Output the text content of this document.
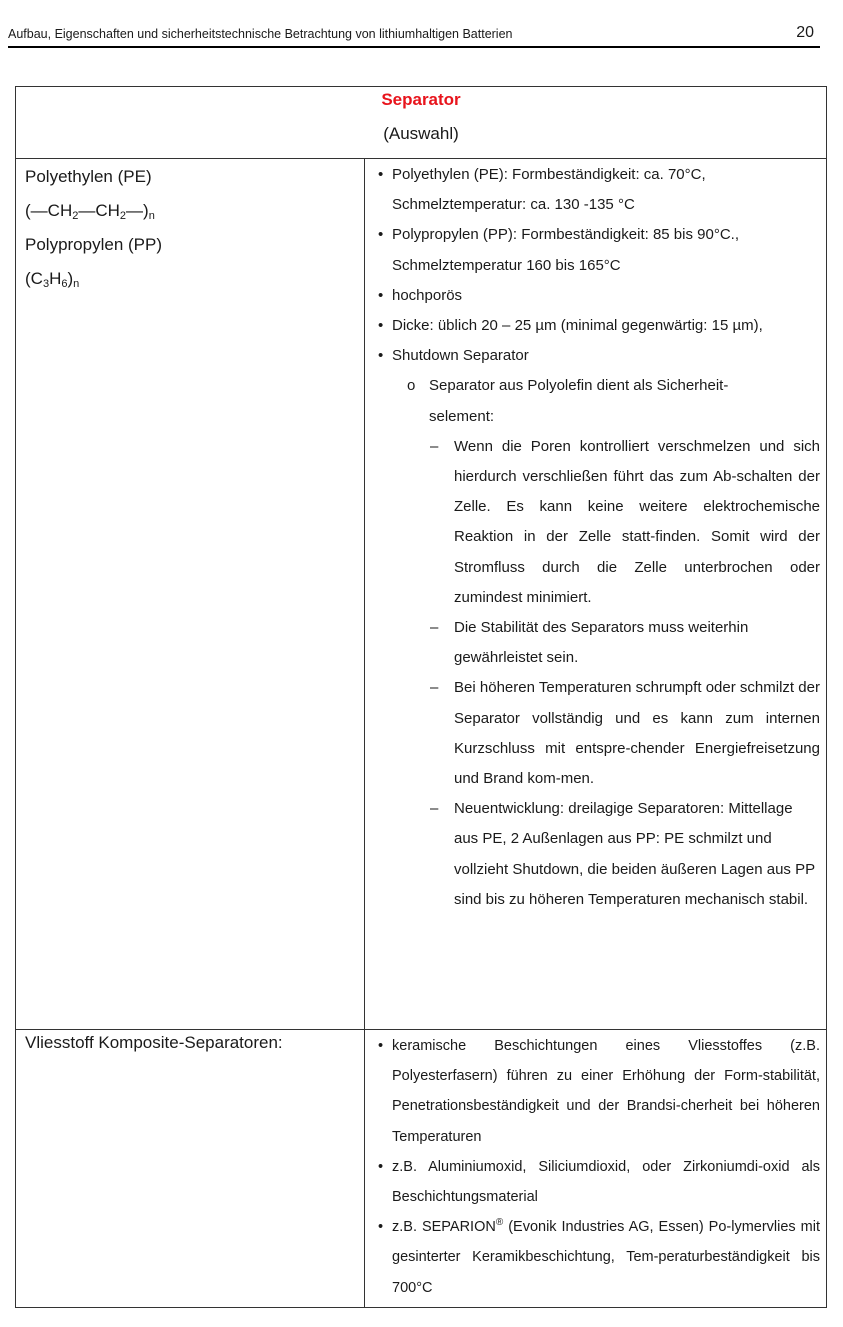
Aufbau, Eigenschaften und sicherheitstechnische Betrachtung von lithiumhaltigen Batterien	20
Separator
(Auswahl)
Polyethylen (PE)
$(—CH_2—CH_2—)_n$
Polypropylen (PP)
$(C_3H_6)_n$
• Polyethylen (PE): Formbeständigkeit: ca. 70°C, Schmelztemperatur: ca. 130 -135 °C
• Polypropylen (PP): Formbeständigkeit: 85 bis 90°C., Schmelztemperatur 160 bis 165°C
• hochporös
• Dicke: üblich 20 – 25 µm (minimal gegenwärtig: 15 µm),
• Shutdown Separator
o Separator aus Polyolefin dient als Sicherheit-selement:
– Wenn die Poren kontrolliert verschmelzen und sich hierdurch verschließen führt das zum Ab-schalten der Zelle. Es kann keine weitere elektrochemische Reaktion in der Zelle statt-finden. Somit wird der Stromfluss durch die Zelle unterbrochen oder zumindest minimiert.
– Die Stabilität des Separators muss weiterhin gewährleistet sein.
– Bei höheren Temperaturen schrumpft oder schmilzt der Separator vollständig und es kann zum internen Kurzschluss mit entspre-chender Energiefreisetzung und Brand kom-men.
– Neuentwicklung: dreilagige Separatoren: Mittellage aus PE, 2 Außenlagen aus PP: PE schmilzt und vollzieht Shutdown, die beiden äußeren Lagen aus PP sind bis zu höheren Temperaturen mechanisch stabil.
Vliesstoff Komposite-Separatoren:	• keramische Beschichtungen eines Vliesstoffes (z.B. Polyesterfasern) führen zu einer Erhöhung der Form-stabilität, Penetrationsbeständigkeit und der Brandsi-cherheit bei höheren Temperaturen
• z.B. Aluminiumoxid, Siliciumdioxid, oder Zirkoniumdi-oxid als Beschichtungsmaterial
• z.B. SEPARION® (Evonik Industries AG, Essen) Po-lymervlies mit gesinterter Keramikbeschichtung, Tem-peraturbeständigkeit bis 700°C
